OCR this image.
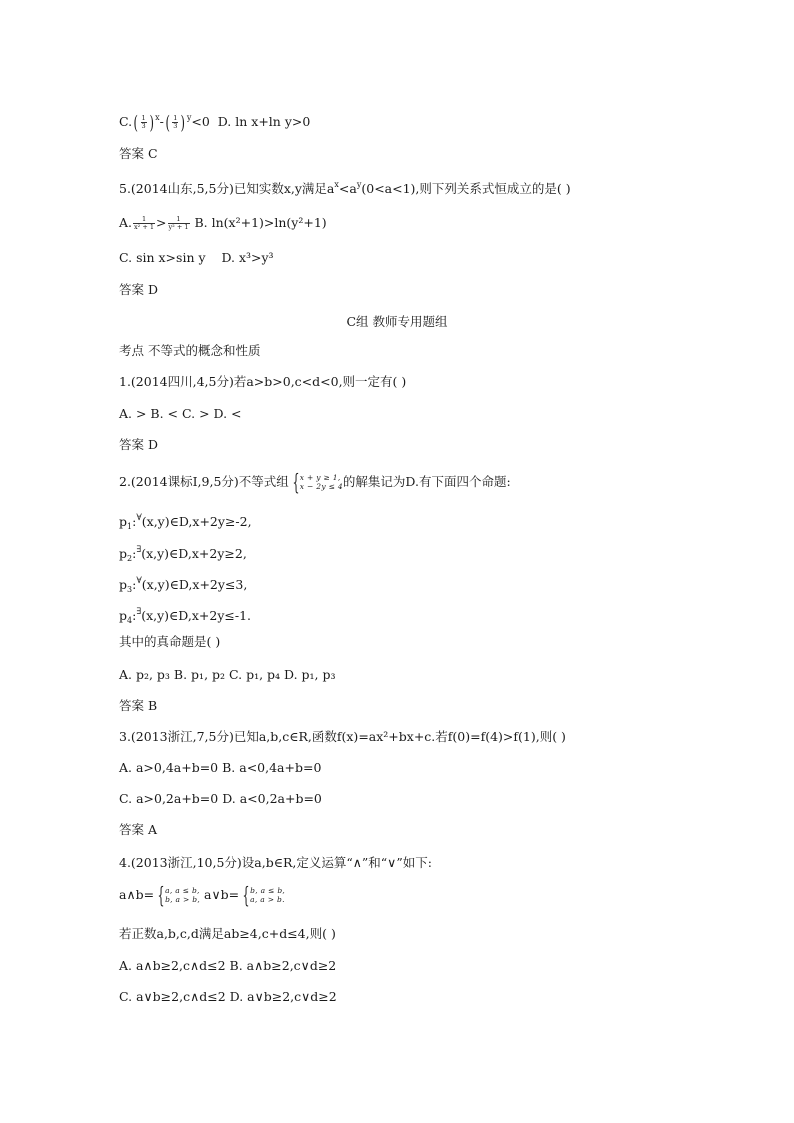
$C.( \frac{1}{3} )^x-( \frac{1}{3} )^y<0$ D. ln x+ln y>0
答案 C
5.(2014山东,5,5分)已知实数x,y满足$a^x<a^y(0<a<1)$,则下列关系式恒成立的是( )
A. $\frac{1}{\text{x² + 1}} > \frac{1}{\text{y² + 1}} B$. ln(x²+1)>ln(y²+1)
C. sin x>sin y D. x³>y³
答案 D
C组 教师专用题组
考点 不等式的概念和性质
1.(2014四川,4,5分)若a>b>0,c<d<0,则一定有( )
A. > B. < C. > D. <
答案 D
2.(2014课标Ⅰ,9,5分)不等式组 { x + y ≥ 1,
x − 2y ≤ 4 的解集记为D.有下面四个命题:
$p_1:^\forall(x,y)\in D,x+2y\ge-2$,
$p_2:^\exists(x,y)\in D,x+2y\ge 2$,
$p_3:^\forall(x,y)\in D,x+2y\le 3$,
$p_4:^\exists(x,y)\in D,x+2y\le-1$.
其中的真命题是( )
A. p₂, p₃ B. p₁, p₂ C. p₁, p₄ D. p₁, p₃
答案 B
3.(2013浙江,7,5分)已知a,b,c∈R,函数f(x)=ax²+bx+c.若f(0)=f(4)>f(1),则( )
A. a>0,4a+b=0 B. a<0,4a+b=0
C. a>0,2a+b=0 D. a<0,2a+b=0
答案 A
4.(2013浙江,10,5分)设a,b∈R,定义运算“∧”和“∨”如下:
a∧b= { a, a ≤ b,
b, a > b, a∨b= { b, a ≤ b,
a, a > b.
若正数a,b,c,d满足ab≥4,c+d≤4,则( )
A. a∧b≥2,c∧d≤2 B. a∧b≥2,c∨d≥2
C. a∨b≥2,c∧d≤2 D. a∨b≥2,c∨d≥2
